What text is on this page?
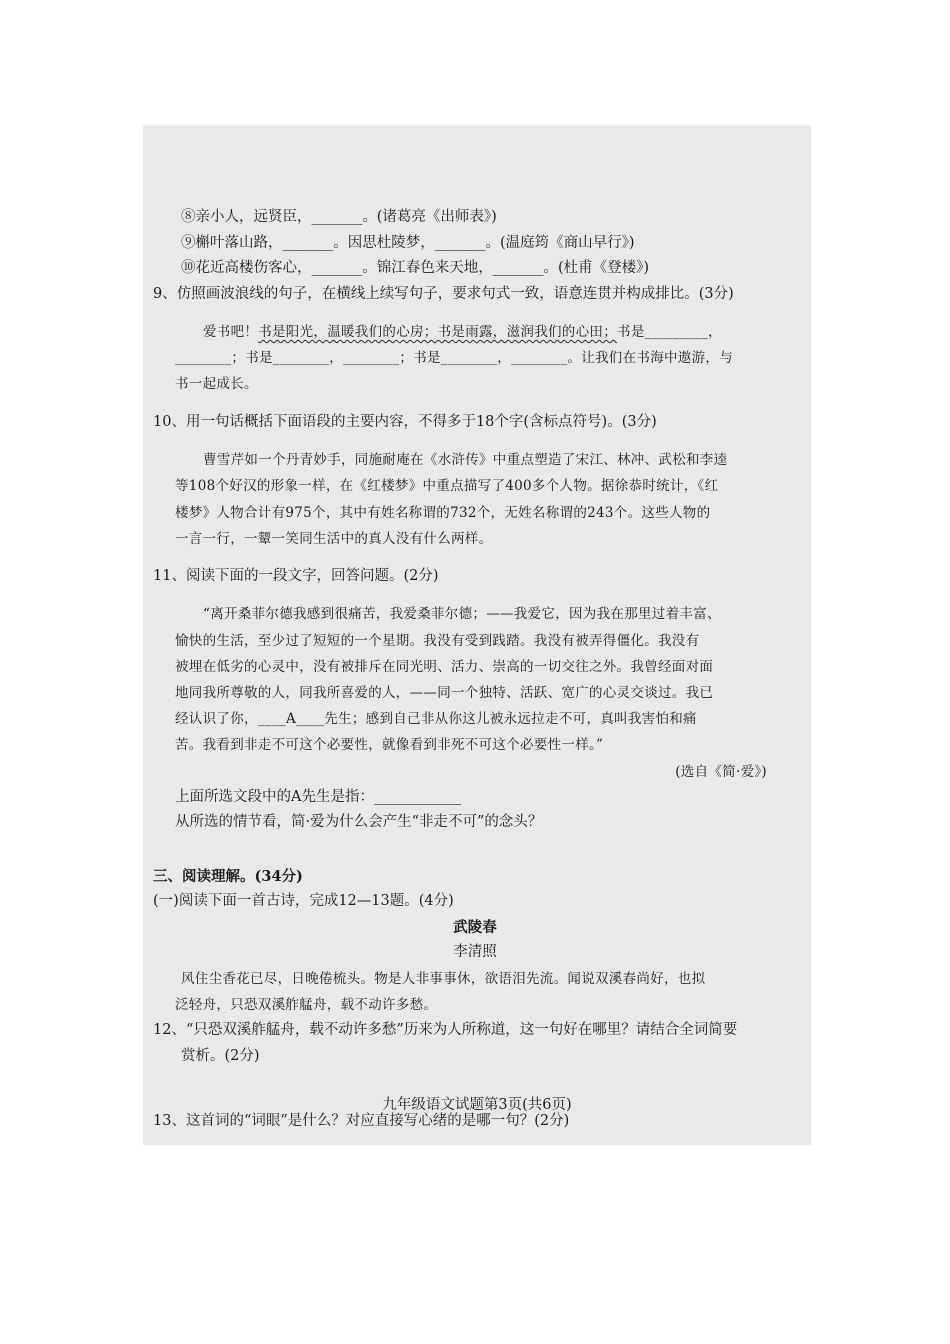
⑧亲小人，远贤臣，_______。(诸葛亮《出师表》)
⑨槲叶落山路，_______。因思杜陵梦，_______。(温庭筠《商山早行》)
⑩花近高楼伤客心，_______。锦江春色来天地，_______。(杜甫《登楼》)
9、仿照画波浪线的句子，在横线上续写句子，要求句式一致，语意连贯并构成排比。(3分)
爱书吧！书是阳光，温暖我们的心房；书是雨露，滋润我们的心田；书是_________，
________；书是________，________；书是________，________。让我们在书海中遨游，与
书一起成长。
10、用一句话概括下面语段的主要内容，不得多于18个字(含标点符号)。(3分)
曹雪芹如一个丹青妙手，同施耐庵在《水浒传》中重点塑造了宋江、林冲、武松和李逵
等108个好汉的形象一样，在《红楼梦》中重点描写了400多个人物。据徐恭时统计，《红
楼梦》人物合计有975个，其中有姓名称谓的732个，无姓名称谓的243个。这些人物的
一言一行，一颦一笑同生活中的真人没有什么两样。
11、阅读下面的一段文字，回答问题。(2分)
“离开桑菲尔德我感到很痛苦，我爱桑菲尔德；——我爱它，因为我在那里过着丰富、
愉快的生活，至少过了短短的一个星期。我没有受到践踏。我没有被弄得僵化。我没有
被埋在低劣的心灵中，没有被排斥在同光明、活力、崇高的一切交往之外。我曾经面对面
地同我所尊敬的人，同我所喜爱的人，——同一个独特、活跃、宽广的心灵交谈过。我已
经认识了你，____A____先生；感到自己非从你这儿被永远拉走不可，真叫我害怕和痛
苦。我看到非走不可这个必要性，就像看到非死不可这个必要性一样。”
(选自《简·爱》)
上面所选文段中的A先生是指：____________
从所选的情节看，简·爱为什么会产生“非走不可”的念头？
三、阅读理解。(34分)
(一)阅读下面一首古诗，完成12—13题。(4分)
武陵春
李清照
风住尘香花已尽，日晚倦梳头。物是人非事事休，欲语泪先流。闻说双溪春尚好，也拟
泛轻舟，只恐双溪舴艋舟，载不动许多愁。
12、“只恐双溪舴艋舟，载不动许多愁”历来为人所称道，这一句好在哪里？请结合全词简要
赏析。(2分)
13、这首词的“词眼”是什么？对应直接写心绪的是哪一句？(2分)
九年级语文试题第3页(共6页)
